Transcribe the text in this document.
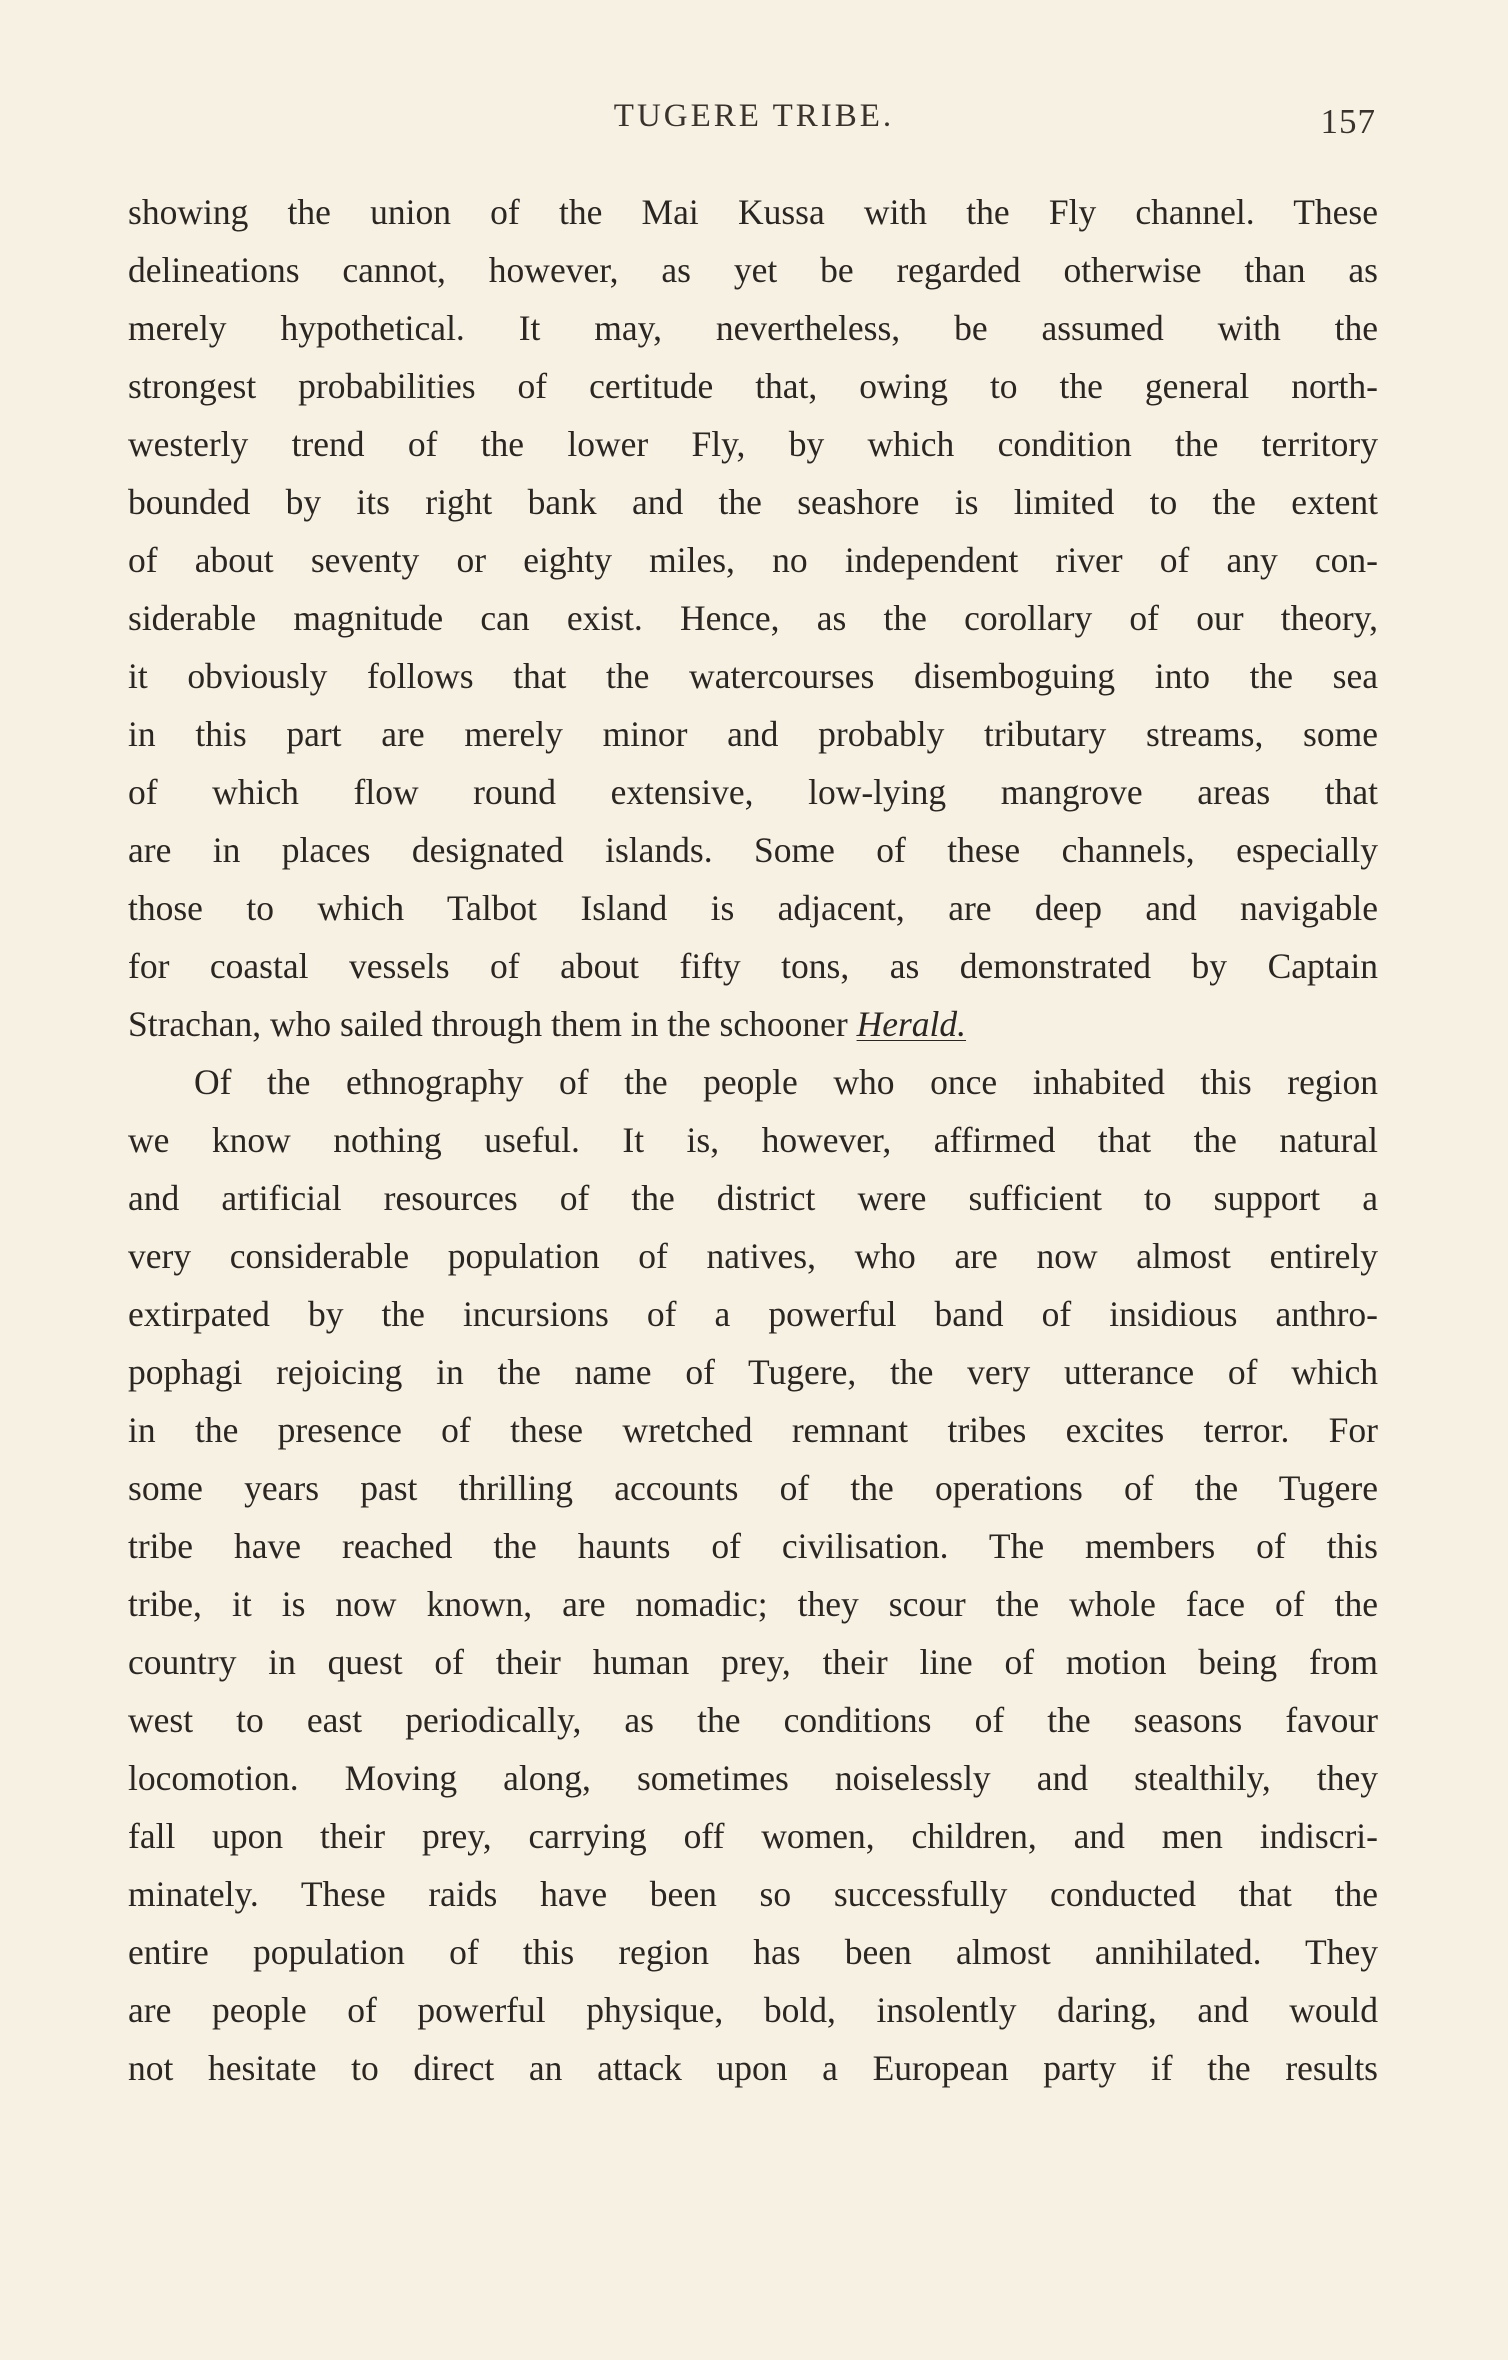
TUGERE TRIBE.	157
showing the union of the Mai Kussa with the Fly channel. These
delineations cannot, however, as yet be regarded otherwise than as
merely hypothetical. It may, nevertheless, be assumed with the
strongest probabilities of certitude that, owing to the general north-
westerly trend of the lower Fly, by which condition the territory
bounded by its right bank and the seashore is limited to the extent
of about seventy or eighty miles, no independent river of any con-
siderable magnitude can exist. Hence, as the corollary of our theory,
it obviously follows that the watercourses disemboguing into the sea
in this part are merely minor and probably tributary streams, some
of which flow round extensive, low-lying mangrove areas that
are in places designated islands. Some of these channels, especially
those to which Talbot Island is adjacent, are deep and navigable
for coastal vessels of about fifty tons, as demonstrated by Captain
Strachan, who sailed through them in the schooner Herald.
Of the ethnography of the people who once inhabited this region
we know nothing useful. It is, however, affirmed that the natural
and artificial resources of the district were sufficient to support a
very considerable population of natives, who are now almost entirely
extirpated by the incursions of a powerful band of insidious anthro-
pophagi rejoicing in the name of Tugere, the very utterance of which
in the presence of these wretched remnant tribes excites terror. For
some years past thrilling accounts of the operations of the Tugere
tribe have reached the haunts of civilisation. The members of this
tribe, it is now known, are nomadic; they scour the whole face of the
country in quest of their human prey, their line of motion being from
west to east periodically, as the conditions of the seasons favour
locomotion. Moving along, sometimes noiselessly and stealthily, they
fall upon their prey, carrying off women, children, and men indiscri-
minately. These raids have been so successfully conducted that the
entire population of this region has been almost annihilated. They
are people of powerful physique, bold, insolently daring, and would
not hesitate to direct an attack upon a European party if the results
